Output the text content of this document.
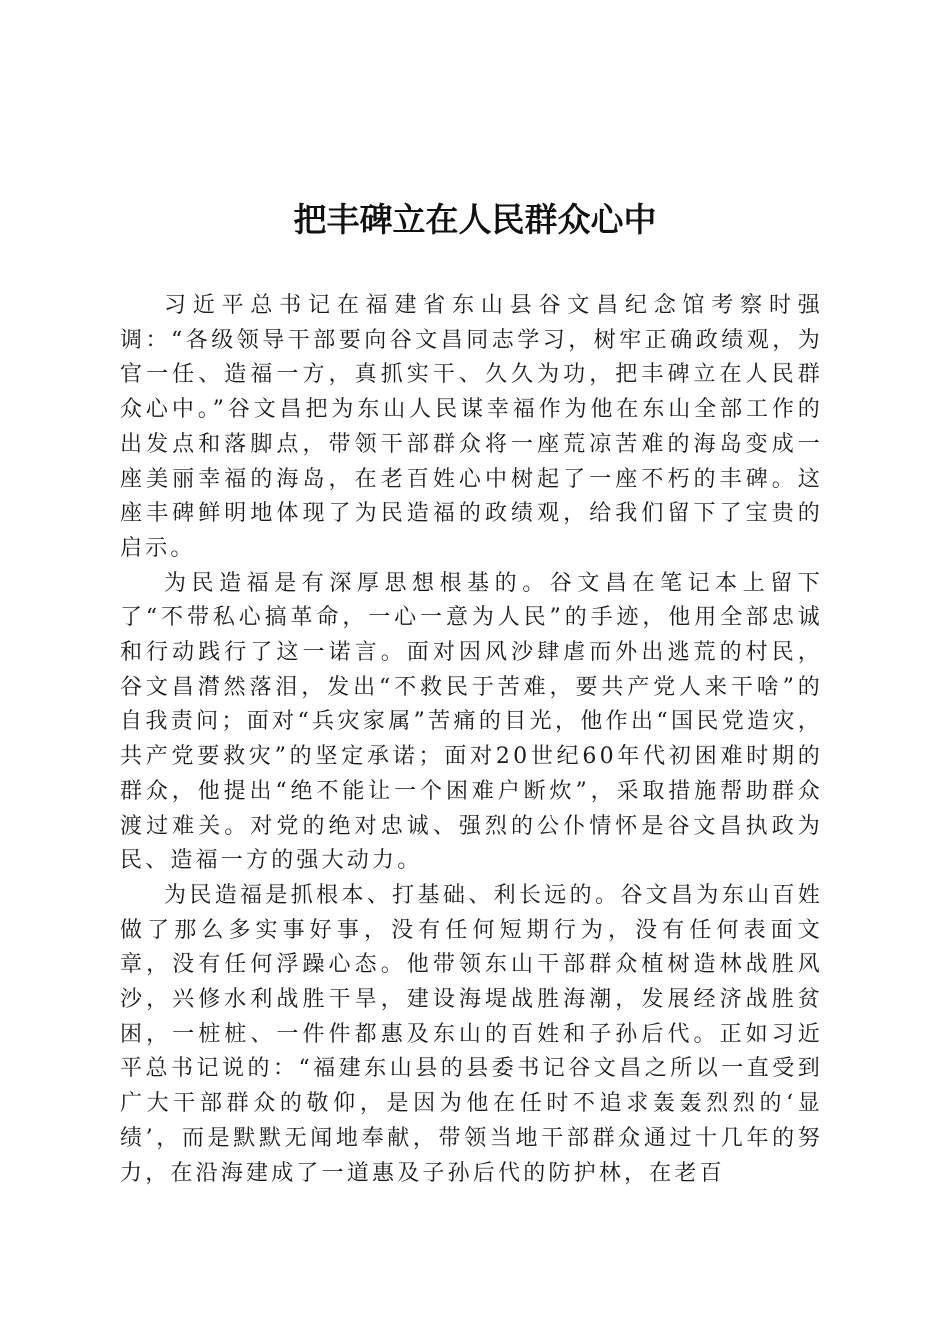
把丰碑立在人民群众心中

习近平总书记在福建省东山县谷文昌纪念馆考察时强调：“各级领导干部要向谷文昌同志学习，树牢正确政绩观，为官一任、造福一方，真抓实干、久久为功，把丰碑立在人民群众心中。”谷文昌把为东山人民谋幸福作为他在东山全部工作的出发点和落脚点，带领干部群众将一座荒凉苦难的海岛变成一座美丽幸福的海岛，在老百姓心中树起了一座不朽的丰碑。这座丰碑鲜明地体现了为民造福的政绩观，给我们留下了宝贵的启示。

为民造福是有深厚思想根基的。谷文昌在笔记本上留下了“不带私心搞革命，一心一意为人民”的手迹，他用全部忠诚和行动践行了这一诺言。面对因风沙肆虐而外出逃荒的村民，谷文昌潸然落泪，发出“不救民于苦难，要共产党人来干啥”的自我责问；面对“兵灾家属”苦痛的目光，他作出“国民党造灾，共产党要救灾”的坚定承诺；面对20世纪60年代初困难时期的群众，他提出“绝不能让一个困难户断炊”，采取措施帮助群众渡过难关。对党的绝对忠诚、强烈的公仆情怀是谷文昌执政为民、造福一方的强大动力。

为民造福是抓根本、打基础、利长远的。谷文昌为东山百姓做了那么多实事好事，没有任何短期行为，没有任何表面文章，没有任何浮躁心态。他带领东山干部群众植树造林战胜风沙，兴修水利战胜干旱，建设海堤战胜海潮，发展经济战胜贫困，一桩桩、一件件都惠及东山的百姓和子孙后代。正如习近平总书记说的：“福建东山县的县委书记谷文昌之所以一直受到广大干部群众的敬仰，是因为他在任时不追求轰轰烈烈的‘显绩’，而是默默无闻地奉献，带领当地干部群众通过十几年的努力，在沿海建成了一道惠及子孙后代的防护林，在老百
